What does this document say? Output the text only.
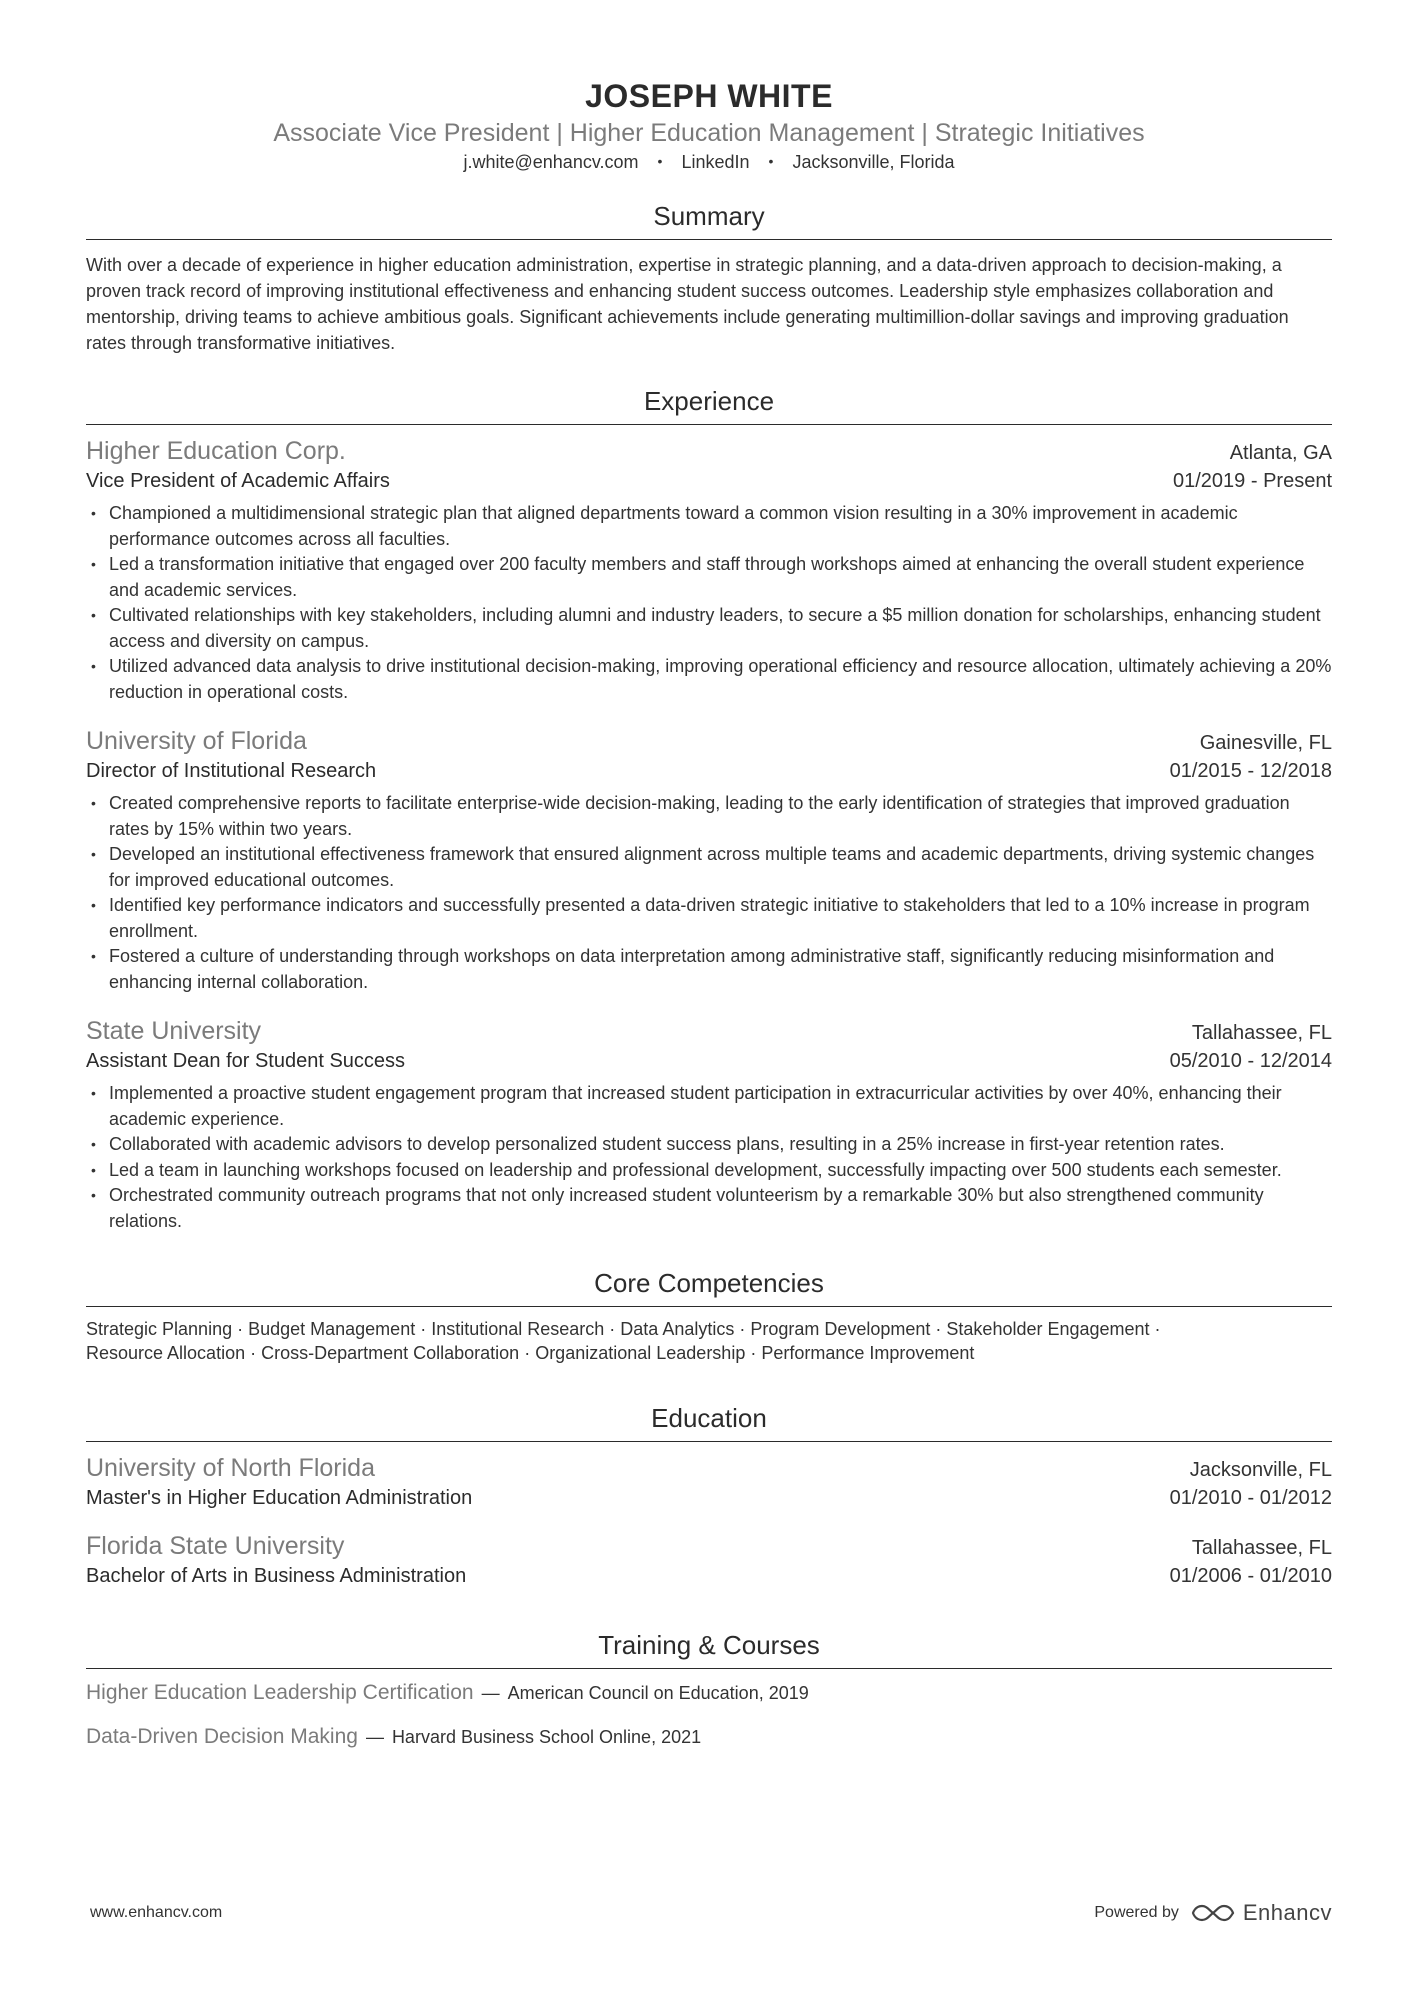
JOSEPH WHITE
Associate Vice President | Higher Education Management | Strategic Initiatives
j.white@enhancv.com • LinkedIn • Jacksonville, Florida
Summary
With over a decade of experience in higher education administration, expertise in strategic planning, and a data-driven approach to decision-making, a proven track record of improving institutional effectiveness and enhancing student success outcomes. Leadership style emphasizes collaboration and mentorship, driving teams to achieve ambitious goals. Significant achievements include generating multimillion-dollar savings and improving graduation rates through transformative initiatives.
Experience
Higher Education Corp.	Atlanta, GA
Vice President of Academic Affairs	01/2019 - Present
• Championed a multidimensional strategic plan that aligned departments toward a common vision resulting in a 30% improvement in academic performance outcomes across all faculties.
• Led a transformation initiative that engaged over 200 faculty members and staff through workshops aimed at enhancing the overall student experience and academic services.
• Cultivated relationships with key stakeholders, including alumni and industry leaders, to secure a $5 million donation for scholarships, enhancing student access and diversity on campus.
• Utilized advanced data analysis to drive institutional decision-making, improving operational efficiency and resource allocation, ultimately achieving a 20% reduction in operational costs.
University of Florida	Gainesville, FL
Director of Institutional Research	01/2015 - 12/2018
• Created comprehensive reports to facilitate enterprise-wide decision-making, leading to the early identification of strategies that improved graduation rates by 15% within two years.
• Developed an institutional effectiveness framework that ensured alignment across multiple teams and academic departments, driving systemic changes for improved educational outcomes.
• Identified key performance indicators and successfully presented a data-driven strategic initiative to stakeholders that led to a 10% increase in program enrollment.
• Fostered a culture of understanding through workshops on data interpretation among administrative staff, significantly reducing misinformation and enhancing internal collaboration.
State University	Tallahassee, FL
Assistant Dean for Student Success	05/2010 - 12/2014
• Implemented a proactive student engagement program that increased student participation in extracurricular activities by over 40%, enhancing their academic experience.
• Collaborated with academic advisors to develop personalized student success plans, resulting in a 25% increase in first-year retention rates.
• Led a team in launching workshops focused on leadership and professional development, successfully impacting over 500 students each semester.
• Orchestrated community outreach programs that not only increased student volunteerism by a remarkable 30% but also strengthened community relations.
Core Competencies
Strategic Planning · Budget Management · Institutional Research · Data Analytics · Program Development · Stakeholder Engagement ·
Resource Allocation · Cross-Department Collaboration · Organizational Leadership · Performance Improvement
Education
University of North Florida	Jacksonville, FL
Master's in Higher Education Administration	01/2010 - 01/2012
Florida State University	Tallahassee, FL
Bachelor of Arts in Business Administration	01/2006 - 01/2010
Training & Courses
Higher Education Leadership Certification — American Council on Education, 2019
Data-Driven Decision Making — Harvard Business School Online, 2021
www.enhancv.com	Powered by	Enhancv
